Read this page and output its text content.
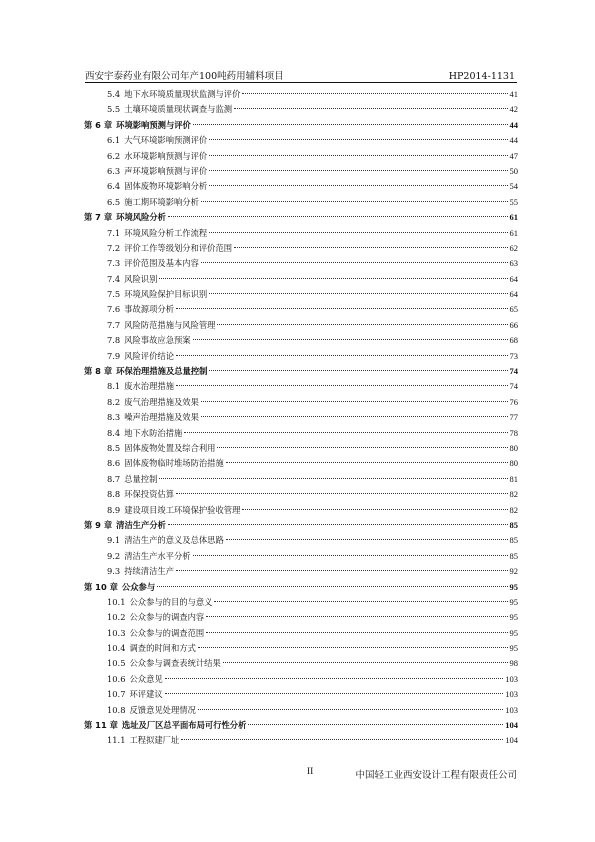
西安宇泰药业有限公司年产100吨药用辅料项目	HP2014-1131
5.4 地下水环境质量现状监测与评价	41
5.5 土壤环境质量现状调查与监测	42
第 6 章 环境影响预测与评价	44
6.1 大气环境影响预测评价	44
6.2 水环境影响预测与评价	47
6.3 声环境影响预测与评价	50
6.4 固体废物环境影响分析	54
6.5 施工期环境影响分析	55
第 7 章 环境风险分析	61
7.1 环境风险分析工作流程	61
7.2 评价工作等级划分和评价范围	62
7.3 评价范围及基本内容	63
7.4 风险识别	64
7.5 环境风险保护目标识别	64
7.6 事故源项分析	65
7.7 风险防范措施与风险管理	66
7.8 风险事故应急预案	68
7.9 风险评价结论	73
第 8 章 环保治理措施及总量控制	74
8.1 废水治理措施	74
8.2 废气治理措施及效果	76
8.3 噪声治理措施及效果	77
8.4 地下水防治措施	78
8.5 固体废物处置及综合利用	80
8.6 固体废物临时堆场防治措施	80
8.7 总量控制	81
8.8 环保投资估算	82
8.9 建设项目竣工环境保护验收管理	82
第 9 章 清洁生产分析	85
9.1 清洁生产的意义及总体思路	85
9.2 清洁生产水平分析	85
9.3 持续清洁生产	92
第 10 章 公众参与	95
10.1 公众参与的目的与意义	95
10.2 公众参与的调查内容	95
10.3 公众参与的调查范围	95
10.4 调查的时间和方式	95
10.5 公众参与调查表统计结果	98
10.6 公众意见	103
10.7 环评建议	103
10.8 反馈意见处理情况	103
第 11 章 选址及厂区总平面布局可行性分析	104
11.1 工程拟建厂址	104
II	中国轻工业西安设计工程有限责任公司
